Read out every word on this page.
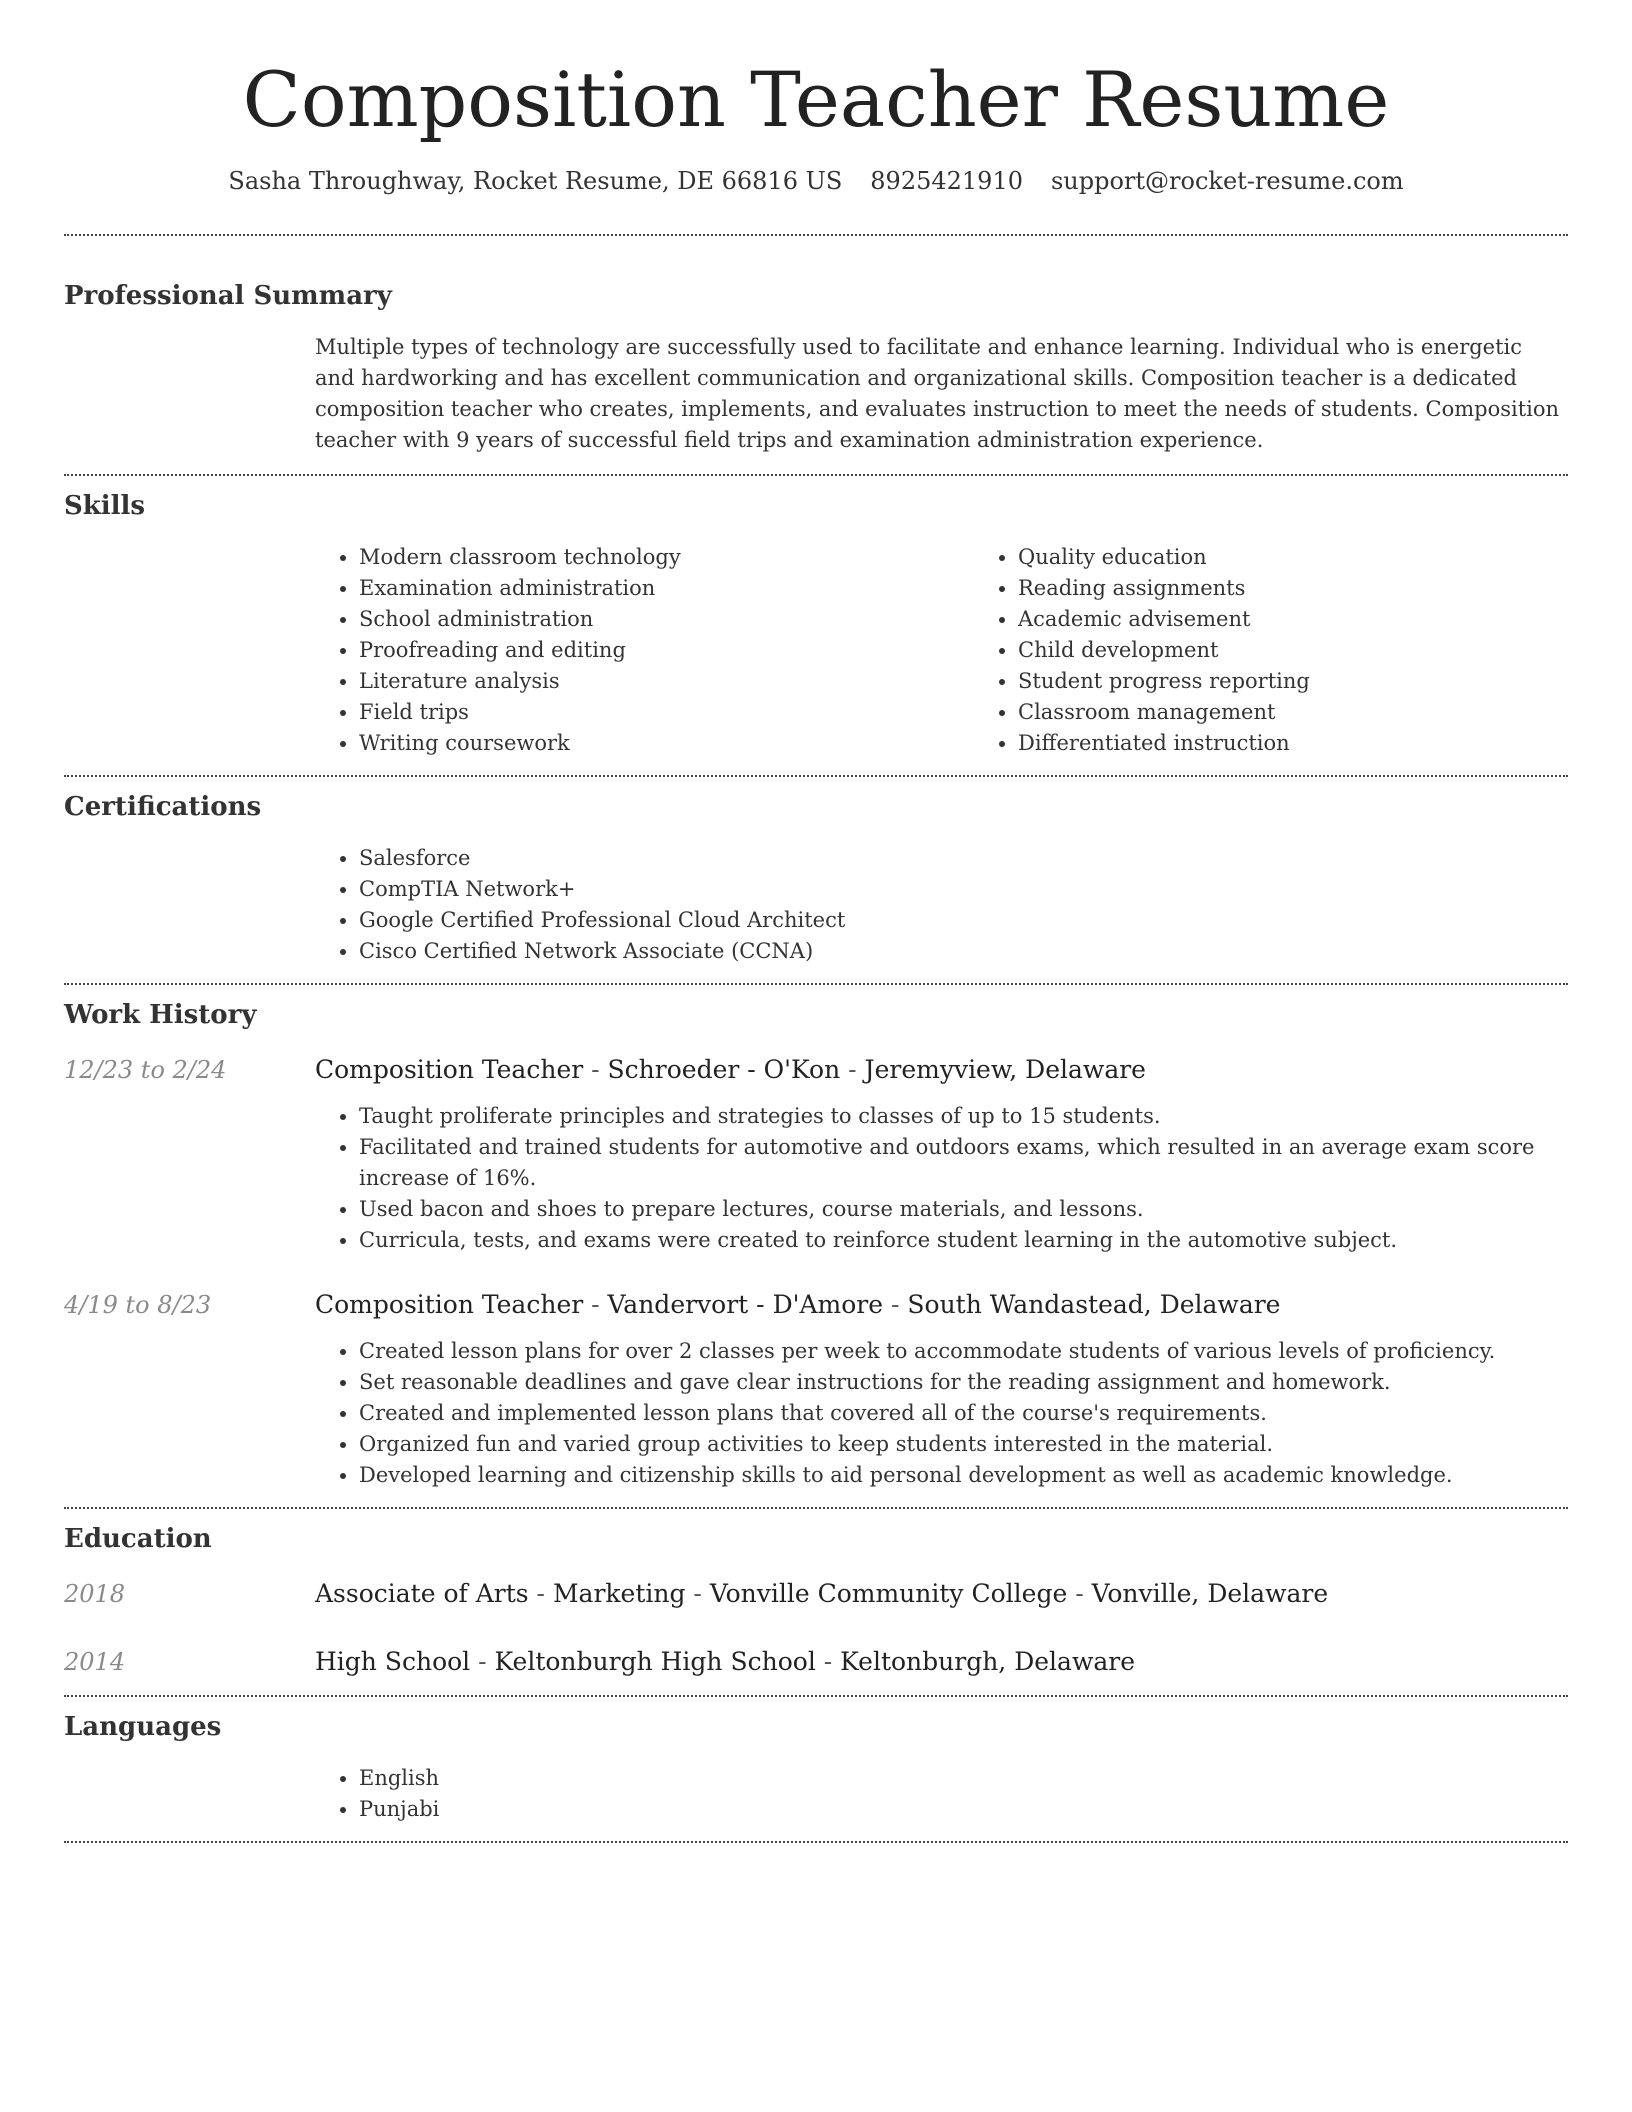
Composition Teacher Resume
Sasha Throughway, Rocket Resume, DE 66816 US 8925421910 support@rocket-resume.com
Professional Summary

Multiple types of technology are successfully used to facilitate and enhance learning. Individual who is energetic and hardworking and has excellent communication and organizational skills. Composition teacher is a dedicated composition teacher who creates, implements, and evaluates instruction to meet the needs of students. Composition teacher with 9 years of successful field trips and examination administration experience.

Skills
• Modern classroom technology
• Examination administration
• School administration
• Proofreading and editing
• Literature analysis
• Field trips
• Writing coursework
• Quality education
• Reading assignments
• Academic advisement
• Child development
• Student progress reporting
• Classroom management
• Differentiated instruction
Certifications
• Salesforce
• CompTIA Network+
• Google Certified Professional Cloud Architect
• Cisco Certified Network Associate (CCNA)
Work History
12/23 to 2/24	Composition Teacher - Schroeder - O'Kon - Jeremyview, Delaware
• Taught proliferate principles and strategies to classes of up to 15 students.
• Facilitated and trained students for automotive and outdoors exams, which resulted in an average exam score increase of 16%.
• Used bacon and shoes to prepare lectures, course materials, and lessons.
• Curricula, tests, and exams were created to reinforce student learning in the automotive subject.
4/19 to 8/23	Composition Teacher - Vandervort - D'Amore - South Wandastead, Delaware
• Created lesson plans for over 2 classes per week to accommodate students of various levels of proficiency.
• Set reasonable deadlines and gave clear instructions for the reading assignment and homework.
• Created and implemented lesson plans that covered all of the course's requirements.
• Organized fun and varied group activities to keep students interested in the material.
• Developed learning and citizenship skills to aid personal development as well as academic knowledge.
Education
2018	Associate of Arts - Marketing - Vonville Community College - Vonville, Delaware
2014	High School - Keltonburgh High School - Keltonburgh, Delaware
Languages
• English
• Punjabi
